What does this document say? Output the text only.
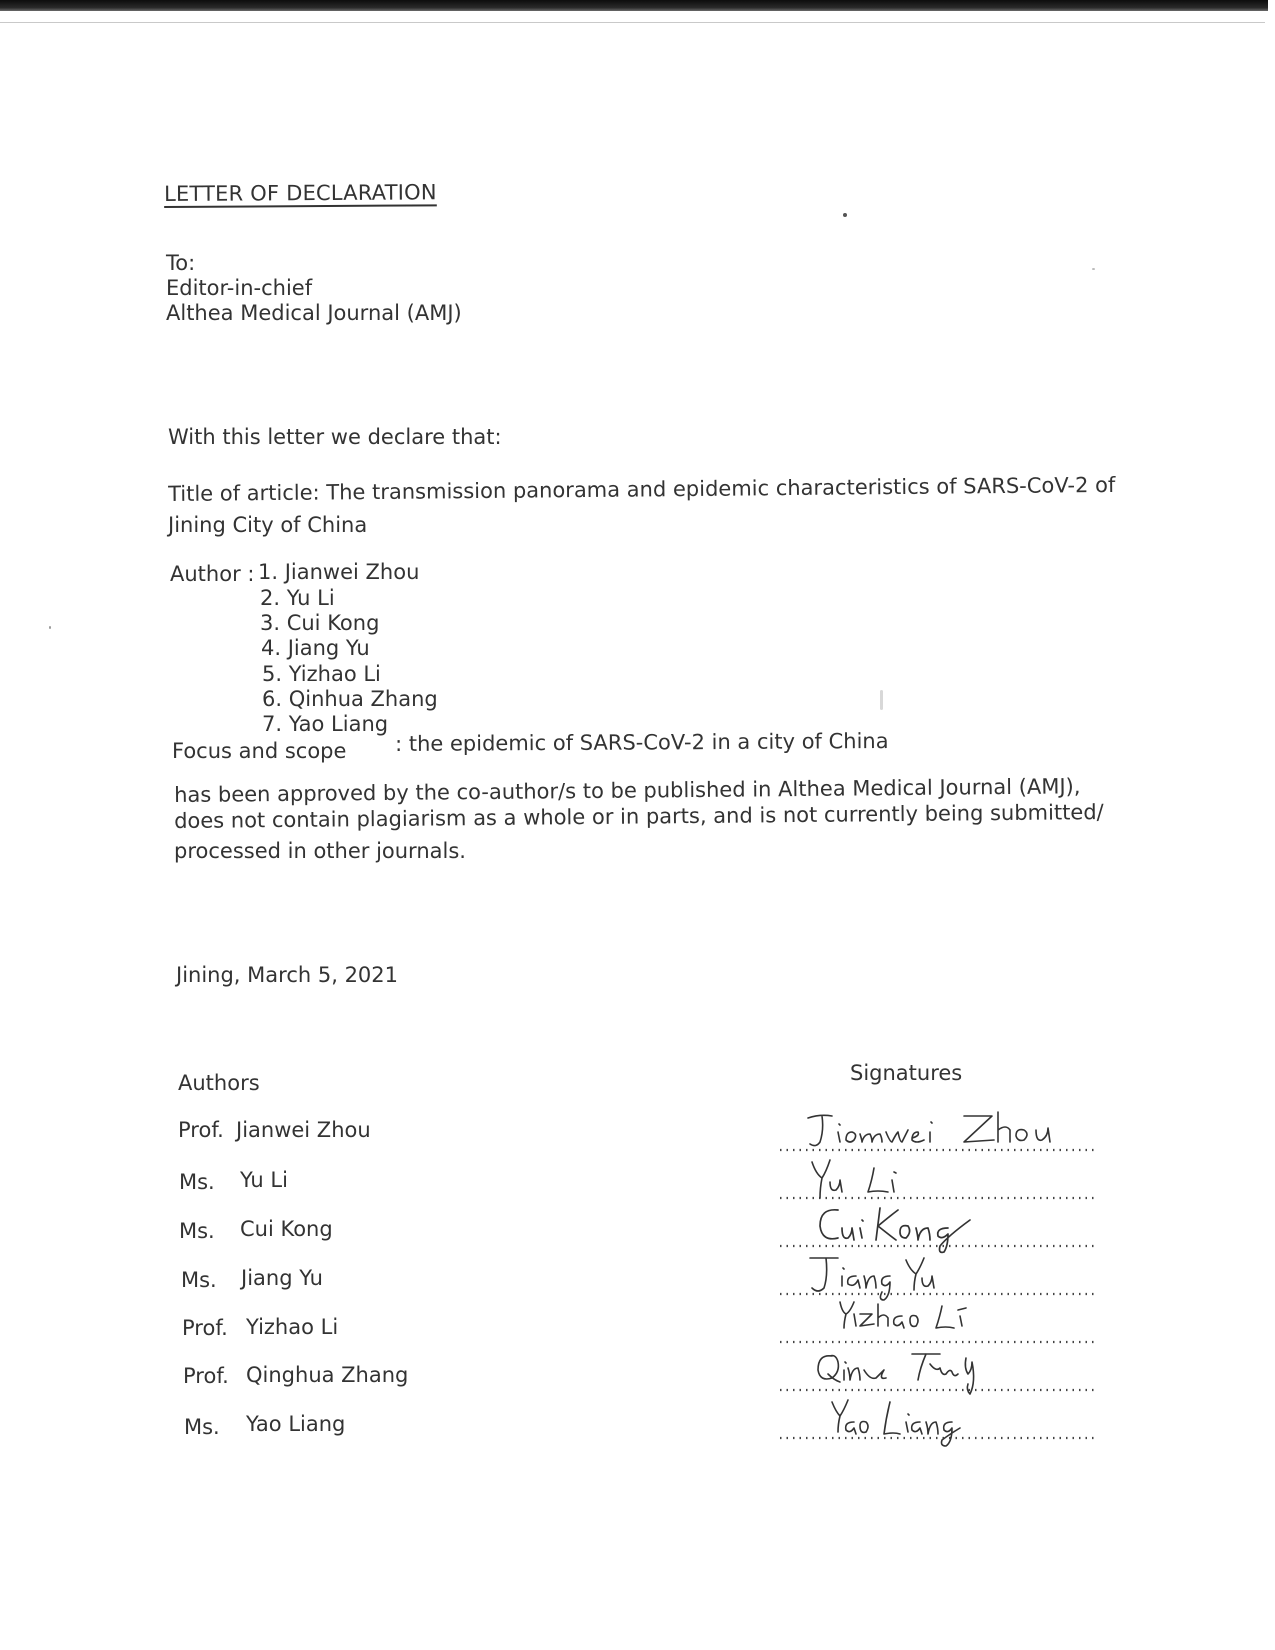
LETTER OF DECLARATION
To:
Editor-in-chief
Althea Medical Journal (AMJ)
With this letter we declare that:
Title of article: The transmission panorama and epidemic characteristics of SARS-CoV-2 of
Jining City of China
Author : 1. Jianwei Zhou
2. Yu Li
3. Cui Kong
4. Jiang Yu
5. Yizhao Li
6. Qinhua Zhang
7. Yao Liang
Focus and scope : the epidemic of SARS-CoV-2 in a city of China
has been approved by the co-author/s to be published in Althea Medical Journal (AMJ),
does not contain plagiarism as a whole or in parts, and is not currently being submitted/
processed in other journals.
Jining, March 5, 2021
Authors	Signatures
Prof. Jianwei Zhou
Ms. Yu Li
Ms. Cui Kong
Ms. Jiang Yu
Prof. Yizhao Li
Prof. Qinghua Zhang
Ms. Yao Liang
